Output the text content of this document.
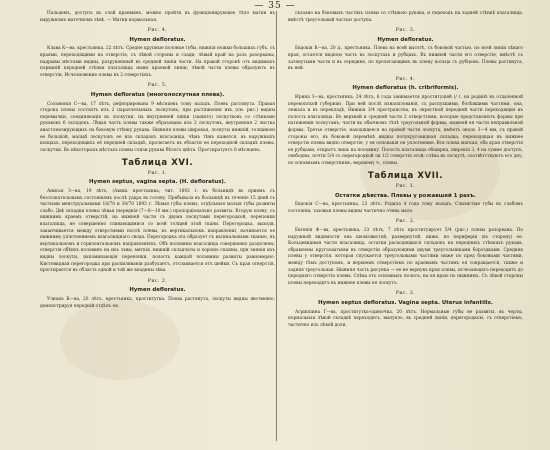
— 35 —

Пальцемъ, доступъ въ слой краевымъ, можно пройти въ функціонирующее тѣло матки въ наружномъ маточномъ зѣвѣ. — Матки нормальная.

Рис. 4.

Hymen defloratus.

Клава К—ва, крестьянка, 22 лѣтъ. Средне крупные половые губы, нижнія ножки большихъ губъ, съ краями, переходящими на отверстіе, съ лѣвой стороны и сзади; лѣвый край на разъ разорваны, надрывы мѣстами видны, разрушенный въ средней линіи части. На правой сторонѣ отъ видимыхъ порваній передней стѣнки влагалища ниже краевой линіи; лѣвой части плевы образуютъ въ отверстіи, Исчезновение плевы въ 2 отверстіяхъ.

Рис. 5.

Hymen defloratus (многолоскутная плева).

Соломонія С—ва, 17 лѣтъ, дефлорирована 9 мѣсяцевъ тому назадъ. Плевъ растянута. Правая сторона плевы состоитъ изъ 2 параллельныхъ лоскутовъ; при растяжении ихъ (см. рис.) видны перемычки, соединяющія въ лоскутки, на внутренней линіи (зашито) лоскутковъ со стѣнками рукавовъ 6 складокъ. Лѣвая часть плевы также образована изъ 2 лоскутовъ, внутренняя 2 листка анастомозирующихъ на боковую стѣнку рукава. Нижняя плевы широкая, лоскуты нижній, толщиною ее большой, малый лоскутокъ ее изъ складокъ влагалища, чѣмъ тѣмъ кажется, въ наружныхъ концахъ, переходящихъ её передней складкѣ, пролегаетъ въ области ея переходной складкѣ плевы, лоскутки. Въ нѣкоторыхъ мѣстахъ плевы слизи рукава бѣлого цвѣта. Простиратуетъ 8 мѣсяцевъ.

Таблица XVI.

Рис. 1.

Hymen septus, vagina septa. (H. defloratus).

Анисья З—ва, 19 лѣтъ, (Акиш. крестьянка, чит. 1892 г. въ больницѣ въ приемъ съ безсознательнымъ состояніемъ послѣ удара въ голову. Пребывала въ больницѣ въ теченіе 15 дней съ частыми менструальными 18/70 и 30/70 1893 г. Лѣвыя губы плевы, отдѣльныя малыя губы развиты слабо. Двѣ складки плевы лѣвая (переднія (7—8—10 мм.) пропорціонально развиты. Вторую плеву, съ нижнимъ краемъ отверстій, на нижней части съ двумя лоскутами перегородкой, перепонки влагалища, не совершенно сливающимися со всей толщей этой ткани. Перегородка, выходя, заканчивается между отверстиями послѣ плевы, въ вертикальномъ направлениі, начинается ее нижнимъ уплотнениемъ влагалищнаго свода. Перегородка эта образует съ вагинальными тканью, въ вертикальномъ и горизонтальномъ направленіяхъ. Обѣ половины влагалища совершенно разделены, отверстія обѣихъ половинъ на ихъ зъвы, мягкія, нижній складчаты и хорошо спаяны, при зияніи ихъ видны лоскуты, напоминающія перепонки, полость каждой половины развиты равномерно. Кистевидная перегородка при распиливаніи разбухаетъ, отслаивается отъ шейки. Съ края отверстія, простирается въ область одной и той же впадины зѣва.

Рис. 2.

Hymen defloratus.

Улиана К—ва, 20 лѣтъ, крестьянка, проститутка. Плева растянута, лоскуты видны явственно, демонстрируя передній отдѣлъ ея.

сказано на боковыхъ частяхъ плевы со стѣнкою рукава, и переходъ на задней стѣнкѣ влагалища, вмѣстѣ треугольный частью доступа.

Рис. 3.

Hymen defloratus.

Евдокія К—ва, 20 д., крестьянка. Плева на всей высотѣ, съ боковой частью, по всей линіи лѣваго края, остается видною часть въ лоскутахъ и рубцахъ. Въ нижней части его отверстіе, вмѣстѣ съ затянутыми части и въ середине, по пролегающимъ въ плену кольца съ рубцомъ. Плевы растянута, въ ней.

Рис. 4.

Hymen defloratus (h. cribriformis).

Ирина З—ва, крестьянка, 24 лѣтъ, 6 года занимается проституціей (/ г. на родинѣ въ отдаленной перекопской губерніи). При ней послѣ изнасилованія, съ распухшими, болѣвшими частями, она, лежала и въ перекладѣ, Нижнія 3/4 пространства, въ окрестной передней части переходящие въ полость влагалища. Въ верхней и средней части 2 отверстіями, которые представляютъ формы при натяжении лоскутамъ; части въ обычномъ тѣлѣ треугольной формы, нижней ея части неправильной формы. Третье отверстіе, находящееся на правой части лоскута, имѣетъ около 3—4 мм, съ правой стороны его, въ боковой перемѣнѣ видны полукруговидная складка, переходящая въ нижнее отверстіе плевы видно отверстіе, у ея основанія ея уплотнение. Вся плева мягкая, оба края отверстія ея рубцами, открытъ лишь на половину. Полость влагалища обширна, широкія 3, 4 на сумме доступъ, свободны, почти 5/4 съ перегородкой ли 1/2 отверстія этой; слѣва въ лоскутѣ, соотвѣтствуютъ его дну, по основнымъ отверстиямъ, верхнему ч., плевы.

Таблица XVII.

Рис. 1.

Остатки дѣвства. Плевы у рожавшей 1 разъ.

Евдокія С—ва, крестьянка, 23 лѣтъ. Родила 4 года тому назадъ. Слизистые губы въ слабомъ состояніи; тазовыя плевы видны частично очень мало.

Рис. 2.

Евгенія Ф—ва, крестьянка, 23 лѣтъ, 7 лѣтъ проституирует 5/4 (рис.) плевы разорвана. По наружной видимости она шелковистой, развернутой, ниже, по периферіи (въ сторону) ее. Кольцевидныя части влагалища, остатки расходящихся складокъ на переднихъ стѣнкахъ рукава, обрамлены кругловатыми въ отверстіи образующими двумя треугольниками бороздками. Средняя плевы у отверстія, которая спускается треугольными частями ниже по пред боковыми частями, между тѣмъ доступомъ, и верхнемъ отверстіемъ по краевымъ частямъ ея сокращается, также и задняя треугольная. Нижняя часть рисунка — ее не вернувъ края плевы, исчезающаго переходитъ до передняго отверстія плевы. Слѣва отъ основныхъ полосъ; на ея краю по нижнимъ. Съ лѣвой стороны плевы переходитъ въ нижнее плевы ея лоскутъ.

Рис. 3.

Hymen septus defloratus. Vagina septa. Uterus infantilis.

Агриппина Г—ва, проститутка-одиночка, 20 лѣтъ. Нормальные губы не развиты, въ черты, нормальная лѣвой складкѣ переходитъ, выпукло, въ средней линіи, перегородкою, съ отверстіемъ, частично изъ лѣвой доли.
